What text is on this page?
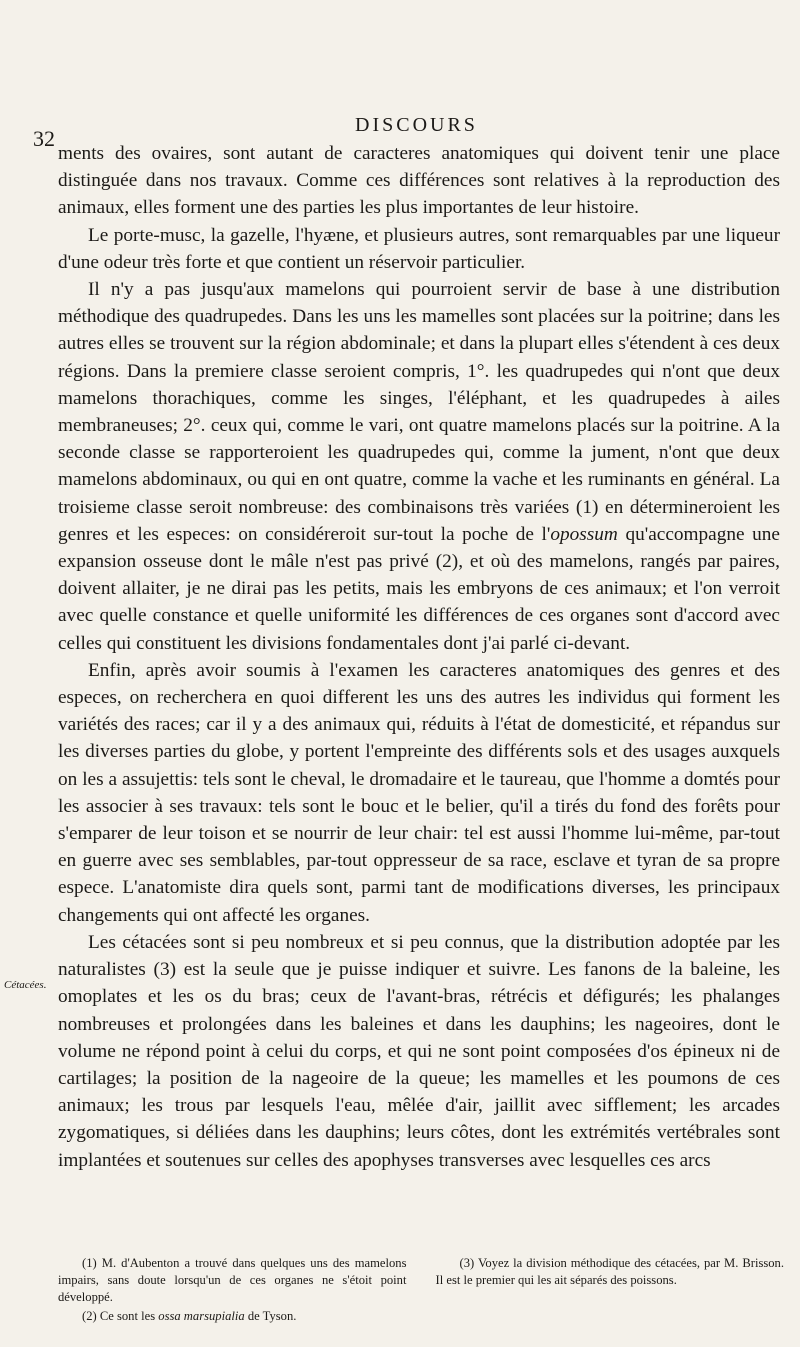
32
DISCOURS
Cétacées.

ments des ovaires, sont autant de caracteres anatomiques qui doivent tenir une place distinguée dans nos travaux. Comme ces différences sont relatives à la reproduction des animaux, elles forment une des parties les plus importantes de leur histoire.

Le porte-musc, la gazelle, l'hyæne, et plusieurs autres, sont remarquables par une liqueur d'une odeur très forte et que contient un réservoir particulier.

Il n'y a pas jusqu'aux mamelons qui pourroient servir de base à une distribution méthodique des quadrupedes. Dans les uns les mamelles sont placées sur la poitrine; dans les autres elles se trouvent sur la région abdominale; et dans la plupart elles s'étendent à ces deux régions. Dans la premiere classe seroient compris, 1°. les quadrupedes qui n'ont que deux mamelons thorachiques, comme les singes, l'éléphant, et les quadrupedes à ailes membraneuses; 2°. ceux qui, comme le vari, ont quatre mamelons placés sur la poitrine. A la seconde classe se rapporteroient les quadrupedes qui, comme la jument, n'ont que deux mamelons abdominaux, ou qui en ont quatre, comme la vache et les ruminants en général. La troisieme classe seroit nombreuse: des combinaisons très variées (1) en détermineroient les genres et les especes: on considéreroit sur-tout la poche de l'opossum qu'accompagne une expansion osseuse dont le mâle n'est pas privé (2), et où des mamelons, rangés par paires, doivent allaiter, je ne dirai pas les petits, mais les embryons de ces animaux; et l'on verroit avec quelle constance et quelle uniformité les différences de ces organes sont d'accord avec celles qui constituent les divisions fondamentales dont j'ai parlé ci-devant.

Enfin, après avoir soumis à l'examen les caracteres anatomiques des genres et des especes, on recherchera en quoi different les uns des autres les individus qui forment les variétés des races; car il y a des animaux qui, réduits à l'état de domesticité, et répandus sur les diverses parties du globe, y portent l'empreinte des différents sols et des usages auxquels on les a assujettis: tels sont le cheval, le dromadaire et le taureau, que l'homme a domtés pour les associer à ses travaux: tels sont le bouc et le belier, qu'il a tirés du fond des forêts pour s'emparer de leur toison et se nourrir de leur chair: tel est aussi l'homme lui-même, par-tout en guerre avec ses semblables, par-tout oppresseur de sa race, esclave et tyran de sa propre espece. L'anatomiste dira quels sont, parmi tant de modifications diverses, les principaux changements qui ont affecté les organes.

Les cétacées sont si peu nombreux et si peu connus, que la distribution adoptée par les naturalistes (3) est la seule que je puisse indiquer et suivre. Les fanons de la baleine, les omoplates et les os du bras; ceux de l'avant-bras, rétrécis et défigurés; les phalanges nombreuses et prolongées dans les baleines et dans les dauphins; les nageoires, dont le volume ne répond point à celui du corps, et qui ne sont point composées d'os épineux ni de cartilages; la position de la nageoire de la queue; les mamelles et les poumons de ces animaux; les trous par lesquels l'eau, mêlée d'air, jaillit avec sifflement; les arcades zygomatiques, si déliées dans les dauphins; leurs côtes, dont les extrémités vertébrales sont implantées et soutenues sur celles des apophyses transverses avec lesquelles ces arcs

(1) M. d'Aubenton a trouvé dans quelques uns des mamelons impairs, sans doute lorsqu'un de ces organes ne s'étoit point développé.

(2) Ce sont les ossa marsupialia de Tyson.

(3) Voyez la division méthodique des cétacées, par M. Brisson. Il est le premier qui les ait séparés des poissons.
